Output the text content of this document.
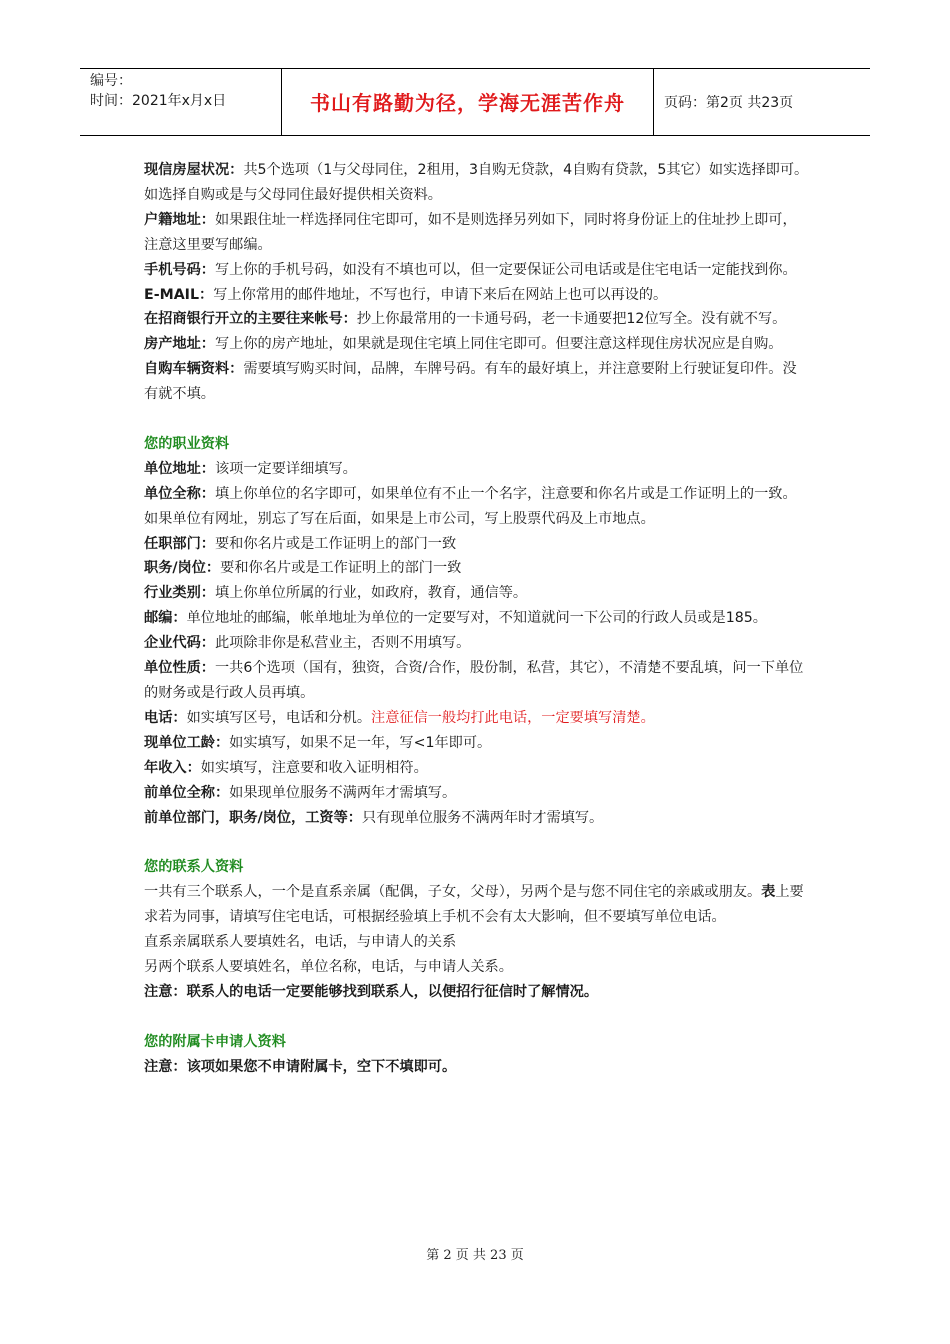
编号：
时间：2021年x月x日	书山有路勤为径，学海无涯苦作舟	页码：第2页 共23页

现信房屋状况：共5个选项（1与父母同住，2租用，3自购无贷款，4自购有贷款，5其它）如实选择即可。如选择自购或是与父母同住最好提供相关资料。

户籍地址：如果跟住址一样选择同住宅即可，如不是则选择另列如下，同时将身份证上的住址抄上即可，注意这里要写邮编。

手机号码：写上你的手机号码，如没有不填也可以，但一定要保证公司电话或是住宅电话一定能找到你。

E-MAIL：写上你常用的邮件地址，不写也行，申请下来后在网站上也可以再设的。

在招商银行开立的主要往来帐号：抄上你最常用的一卡通号码，老一卡通要把12位写全。没有就不写。

房产地址：写上你的房产地址，如果就是现住宅填上同住宅即可。但要注意这样现住房状况应是自购。

自购车辆资料：需要填写购买时间，品牌，车牌号码。有车的最好填上，并注意要附上行驶证复印件。没有就不填。

您的职业资料

单位地址：该项一定要详细填写。

单位全称：填上你单位的名字即可，如果单位有不止一个名字，注意要和你名片或是工作证明上的一致。如果单位有网址，别忘了写在后面，如果是上市公司，写上股票代码及上市地点。

任职部门：要和你名片或是工作证明上的部门一致

职务/岗位：要和你名片或是工作证明上的部门一致

行业类别：填上你单位所属的行业，如政府，教育，通信等。

邮编：单位地址的邮编，帐单地址为单位的一定要写对，不知道就问一下公司的行政人员或是185。

企业代码：此项除非你是私营业主，否则不用填写。

单位性质：一共6个选项（国有，独资，合资/合作，股份制，私营，其它），不清楚不要乱填，问一下单位的财务或是行政人员再填。

电话：如实填写区号，电话和分机。注意征信一般均打此电话，一定要填写清楚。

现单位工龄：如实填写，如果不足一年，写<1年即可。

年收入：如实填写，注意要和收入证明相符。

前单位全称：如果现单位服务不满两年才需填写。

前单位部门，职务/岗位，工资等：只有现单位服务不满两年时才需填写。

您的联系人资料

一共有三个联系人，一个是直系亲属（配偶，子女，父母），另两个是与您不同住宅的亲戚或朋友。表上要求若为同事，请填写住宅电话，可根据经验填上手机不会有太大影响，但不要填写单位电话。

直系亲属联系人要填姓名，电话，与申请人的关系

另两个联系人要填姓名，单位名称，电话，与申请人关系。

注意：联系人的电话一定要能够找到联系人，以便招行征信时了解情况。

您的附属卡申请人资料

注意：该项如果您不申请附属卡，空下不填即可。

第 2 页 共 23 页
